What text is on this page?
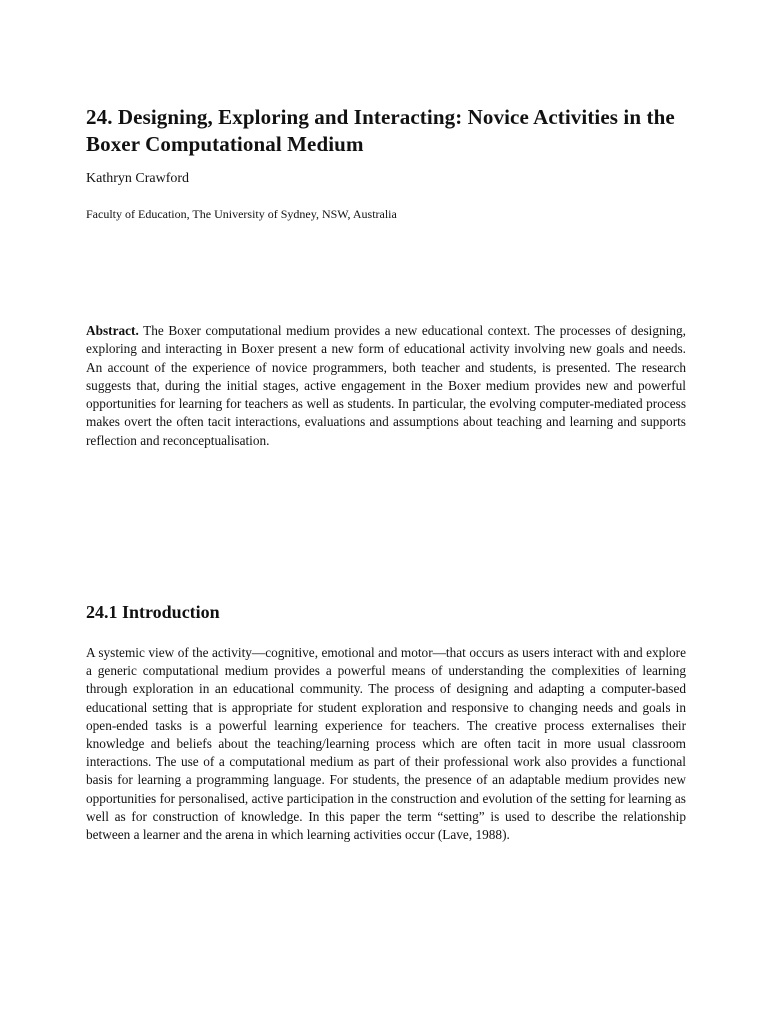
24. Designing, Exploring and Interacting: Novice Activities in the Boxer Computational Medium

Kathryn Crawford

Faculty of Education, The University of Sydney, NSW, Australia

Abstract. The Boxer computational medium provides a new educational context. The processes of designing, exploring and interacting in Boxer present a new form of educational activity involving new goals and needs. An account of the experience of novice programmers, both teacher and students, is presented. The research suggests that, during the initial stages, active engagement in the Boxer medium provides new and powerful opportunities for learning for teachers as well as students. In particular, the evolving computer-mediated process makes overt the often tacit interactions, evaluations and assumptions about teaching and learning and supports reflection and reconceptualisation.

24.1 Introduction

A systemic view of the activity—cognitive, emotional and motor—that occurs as users interact with and explore a generic computational medium provides a powerful means of understanding the complexities of learning through exploration in an educational community. The process of designing and adapting a computer-based educational setting that is appropriate for student exploration and responsive to changing needs and goals in open-ended tasks is a powerful learning experience for teachers. The creative process externalises their knowledge and beliefs about the teaching/learning process which are often tacit in more usual classroom interactions. The use of a computational medium as part of their professional work also provides a functional basis for learning a programming language. For students, the presence of an adaptable medium provides new opportunities for personalised, active participation in the construction and evolution of the setting for learning as well as for construction of knowledge. In this paper the term “setting” is used to describe the relationship between a learner and the arena in which learning activities occur (Lave, 1988).
